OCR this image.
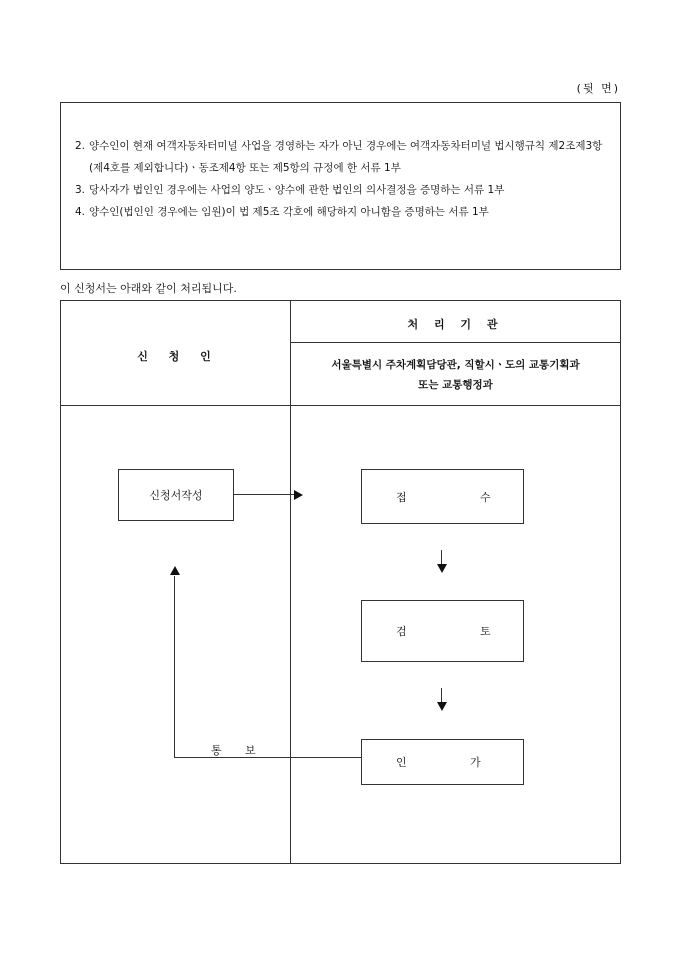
(뒷 면)
2. 양수인이 현재 여객자동차터미널 사업을 경영하는 자가 아닌 경우에는 여객자동차터미널 법시행규칙 제2조제3항(제4호를 제외합니다)ㆍ동조제4항 또는 제5항의 규정에 한 서류 1부
3. 당사자가 법인인 경우에는 사업의 양도ㆍ양수에 관한 법인의 의사결정을 증명하는 서류 1부
4. 양수인(법인인 경우에는 임원)이 법 제5조 각호에 해당하지 아니함을 증명하는 서류 1부
이 신청서는 아래와 같이 처리됩니다.
신　 청　 인
처 리 기 관
서울특별시 주차계획담당관, 직할시ㆍ도의 교통기획과
또는 교통행정과
신청서작성	접	수
검	토
인	가
통 보
